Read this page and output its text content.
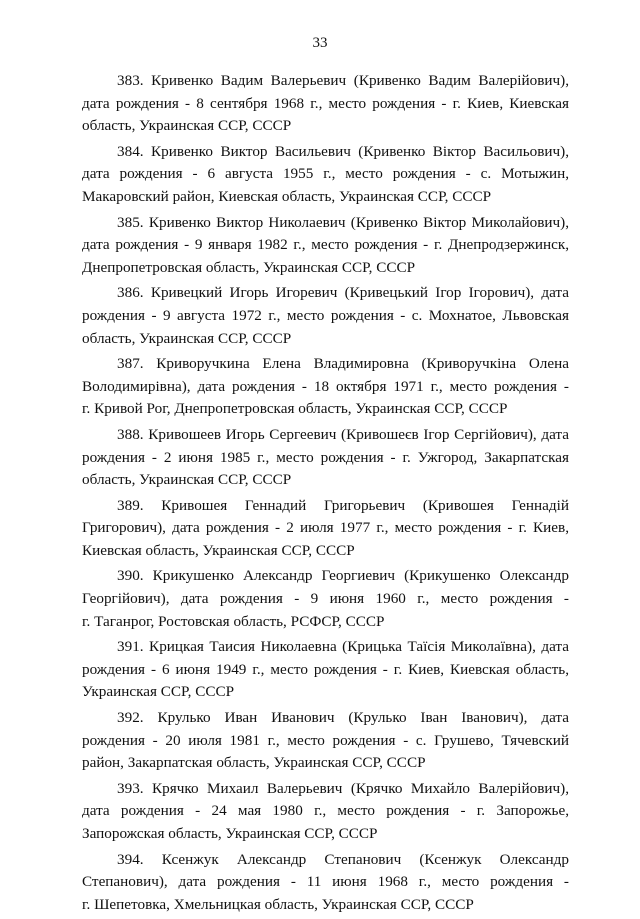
33

383. Кривенко Вадим Валерьевич (Кривенко Вадим Валерійович),
дата рождения - 8 сентября 1968 г., место рождения - г. Киев, Киевская
область, Украинская ССР, СССР

384. Кривенко Виктор Васильевич (Кривенко Віктор Васильович),
дата рождения - 6 августа 1955 г., место рождения - с. Мотыжин,
Макаровский район, Киевская область, Украинская ССР, СССР

385. Кривенко Виктор Николаевич (Кривенко Віктор Миколайович),
дата рождения - 9 января 1982 г., место рождения - г. Днепродзержинск,
Днепропетровская область, Украинская ССР, СССР

386. Кривецкий Игорь Игоревич (Кривецький Ігор Ігорович), дата
рождения - 9 августа 1972 г., место рождения - с. Мохнатое, Львовская
область, Украинская ССР, СССР

387. Криворучкина Елена Владимировна (Криворучкіна Олена
Володимирівна), дата рождения - 18 октября 1971 г., место рождения -
г. Кривой Рог, Днепропетровская область, Украинская ССР, СССР

388. Кривошеев Игорь Сергеевич (Кривошеєв Ігор Сергійович), дата
рождения - 2 июня 1985 г., место рождения - г. Ужгород, Закарпатская
область, Украинская ССР, СССР

389. Кривошея Геннадий Григорьевич (Кривошея Геннадій
Григорович), дата рождения - 2 июля 1977 г., место рождения - г. Киев,
Киевская область, Украинская ССР, СССР

390. Крикушенко Александр Георгиевич (Крикушенко Олександр
Георгійович), дата рождения - 9 июня 1960 г., место рождения -
г. Таганрог, Ростовская область, РСФСР, СССР

391. Крицкая Таисия Николаевна (Крицька Таїсія Миколаївна), дата
рождения - 6 июня 1949 г., место рождения - г. Киев, Киевская область,
Украинская ССР, СССР

392. Крулько Иван Иванович (Крулько Іван Іванович), дата
рождения - 20 июля 1981 г., место рождения - с. Грушево, Тячевский
район, Закарпатская область, Украинская ССР, СССР

393. Крячко Михаил Валерьевич (Крячко Михайло Валерійович),
дата рождения - 24 мая 1980 г., место рождения - г. Запорожье,
Запорожская область, Украинская ССР, СССР

394. Ксенжук Александр Степанович (Ксенжук Олександр
Степанович), дата рождения - 11 июня 1968 г., место рождения -
г. Шепетовка, Хмельницкая область, Украинская ССР, СССР
